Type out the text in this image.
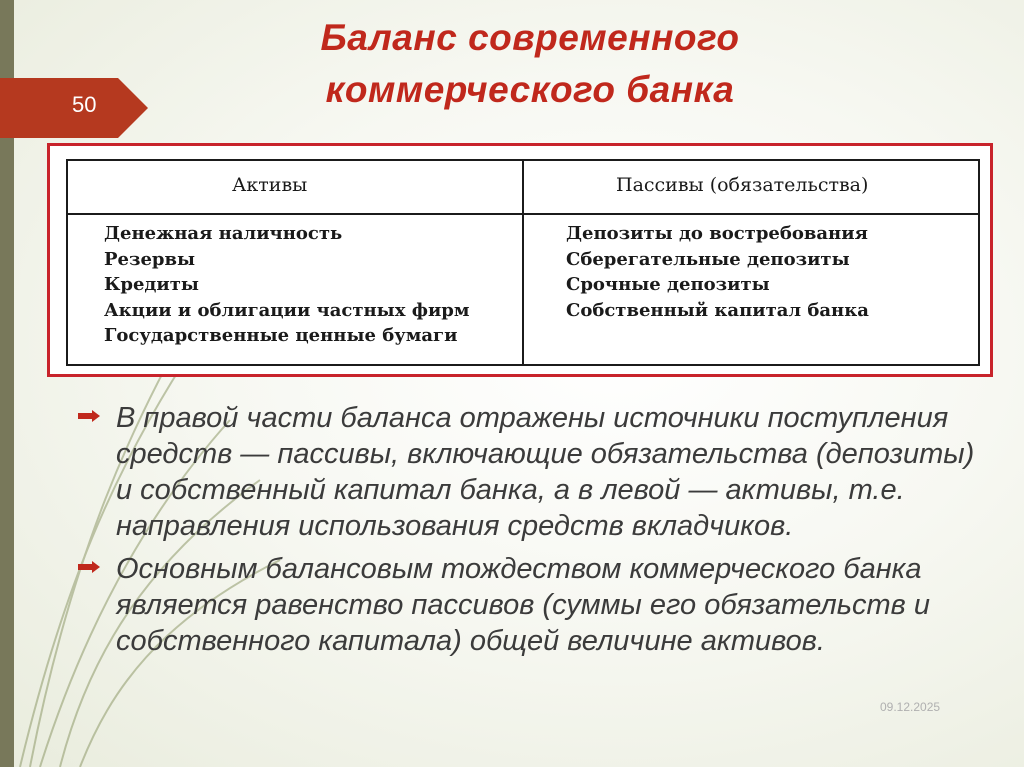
50
Баланс современного
коммерческого банка
Активы	Пассивы (обязательства)
Денежная наличность
Резервы
Кредиты
Акции и облигации частных фирм
Государственные ценные бумаги
Депозиты до востребования
Сберегательные депозиты
Срочные депозиты
Собственный капитал банка
В правой части баланса отражены источники поступления средств — пассивы, включающие обязательства (депозиты) и собственный капитал банка, а в левой — активы, т.е. направления использования средств вкладчиков.
Основным балансовым тождеством коммерческого банка является равенство пассивов (суммы его обязательств и собственного капитала) общей величине активов.
09.12.2025
